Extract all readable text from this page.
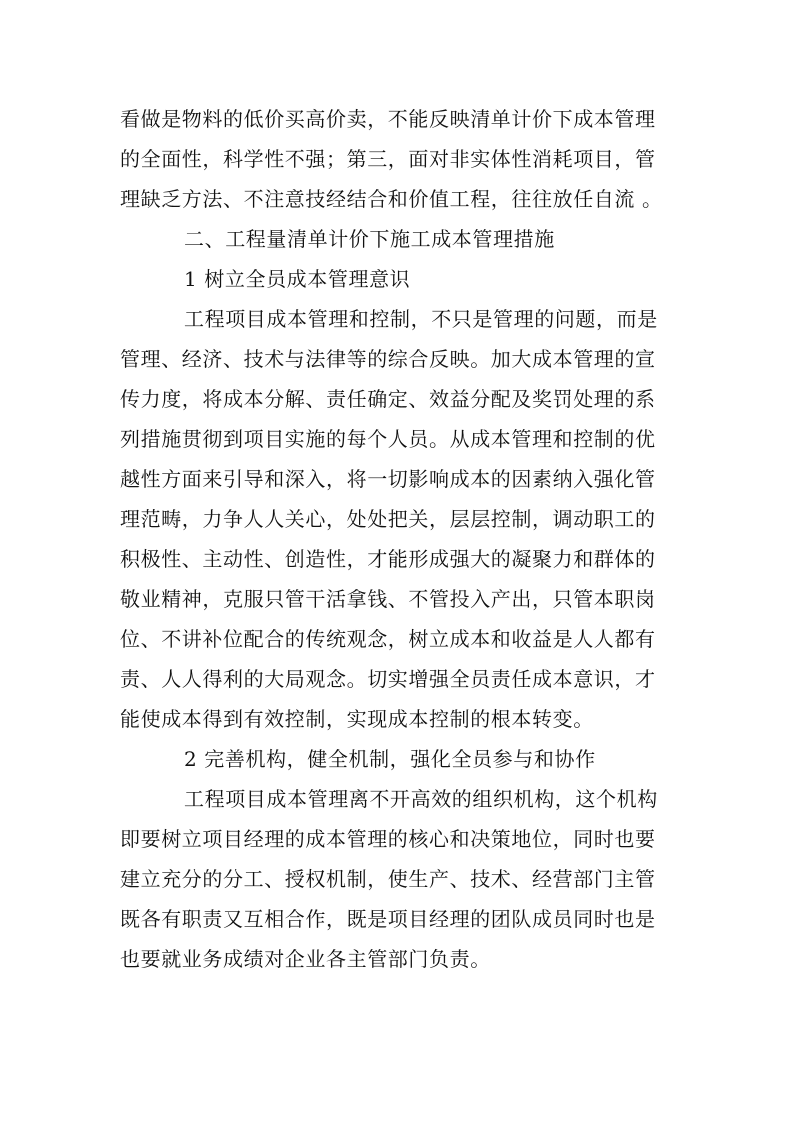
看做是物料的低价买高价卖，不能反映清单计价下成本管理
的全面性，科学性不强；第三，面对非实体性消耗项目，管
理缺乏方法、不注意技经结合和价值工程，往往放任自流 。
二、工程量清单计价下施工成本管理措施
1 树立全员成本管理意识
工程项目成本管理和控制，不只是管理的问题，而是
管理、经济、技术与法律等的综合反映。加大成本管理的宣
传力度，将成本分解、责任确定、效益分配及奖罚处理的系
列措施贯彻到项目实施的每个人员。从成本管理和控制的优
越性方面来引导和深入，将一切影响成本的因素纳入强化管
理范畴，力争人人关心，处处把关，层层控制，调动职工的
积极性、主动性、创造性，才能形成强大的凝聚力和群体的
敬业精神，克服只管干活拿钱、不管投入产出，只管本职岗
位、不讲补位配合的传统观念，树立成本和收益是人人都有
责、人人得利的大局观念。切实增强全员责任成本意识，才
能使成本得到有效控制，实现成本控制的根本转变。
2 完善机构，健全机制，强化全员参与和协作
工程项目成本管理离不开高效的组织机构，这个机构
即要树立项目经理的成本管理的核心和决策地位，同时也要
建立充分的分工、授权机制，使生产、技术、经营部门主管
既各有职责又互相合作，既是项目经理的团队成员同时也是
也要就业务成绩对企业各主管部门负责。
